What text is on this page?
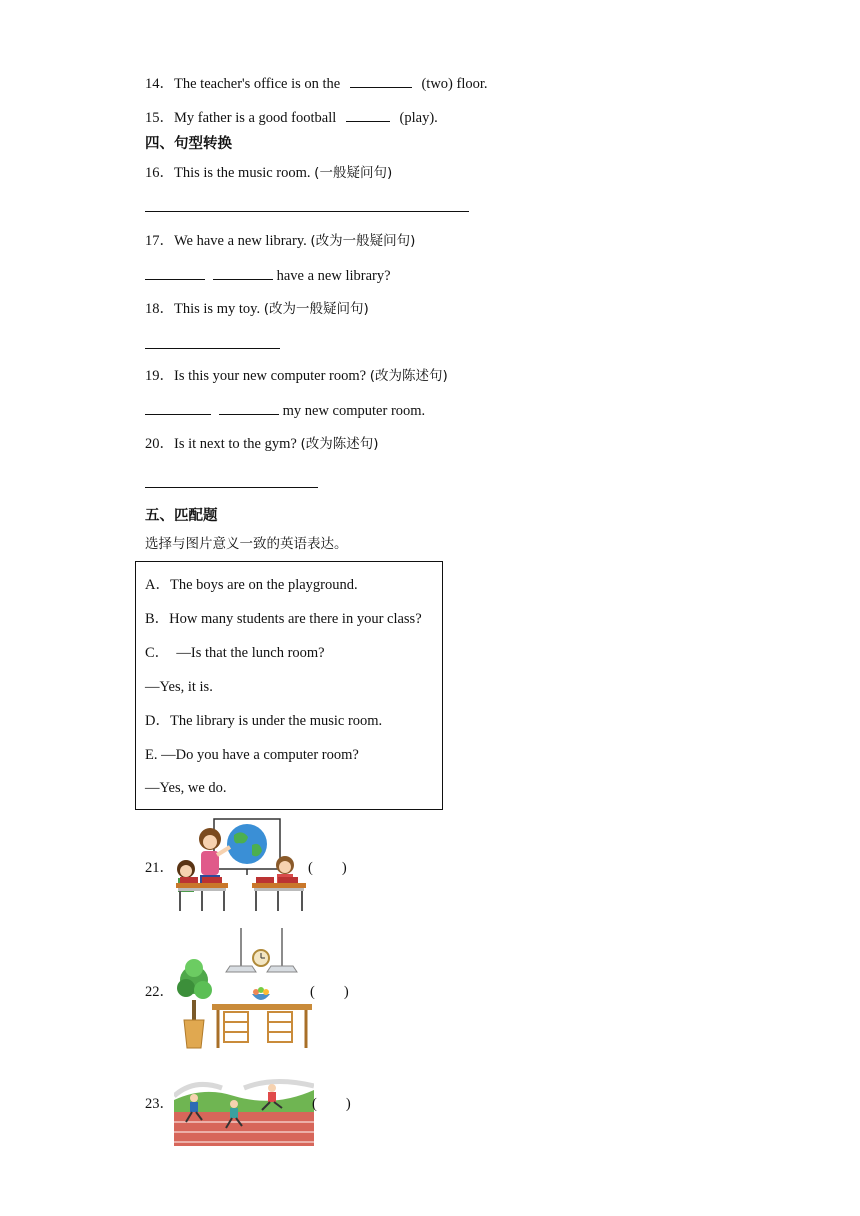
14．The teacher's office is on the	(two) floor.
15．My father is a good football	(play).
四、句型转换
16．This is the music room. (一般疑问句)
17．We have a new library. (改为一般疑问句)
have a new library?
18．This is my toy. (改为一般疑问句)
19．Is this your new computer room? (改为陈述句)
my new computer room.
20．Is it next to the gym? (改为陈述句)
五、匹配题
选择与图片意义一致的英语表达。
A．The boys are on the playground.
B．How many students are there in your class?
C．  —Is that the lunch room?
—Yes, it is.
D．The library is under the music room.
E. —Do you have a computer room?
—Yes, we do.
21．	(　　)
22．	(　　)
23．	(　　)
